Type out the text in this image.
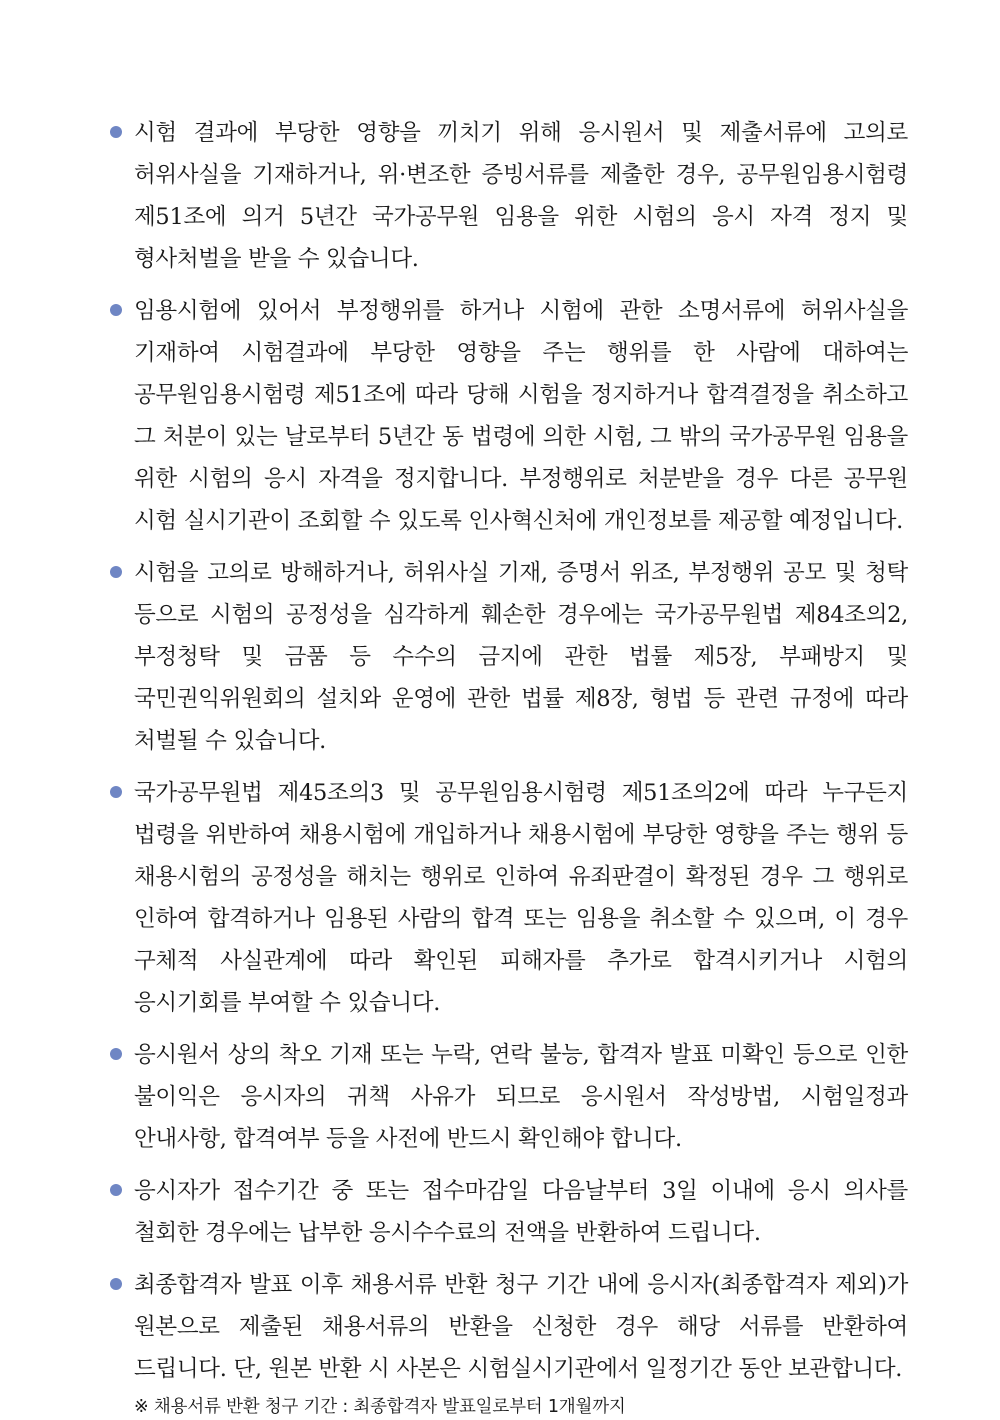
시험 결과에 부당한 영향을 끼치기 위해 응시원서 및 제출서류에 고의로 허위사실을 기재하거나, 위·변조한 증빙서류를 제출한 경우, 공무원임용시험령 제51조에 의거 5년간 국가공무원 임용을 위한 시험의 응시 자격 정지 및 형사처벌을 받을 수 있습니다.
임용시험에 있어서 부정행위를 하거나 시험에 관한 소명서류에 허위사실을 기재하여 시험결과에 부당한 영향을 주는 행위를 한 사람에 대하여는 공무원임용시험령 제51조에 따라 당해 시험을 정지하거나 합격결정을 취소하고 그 처분이 있는 날로부터 5년간 동 법령에 의한 시험, 그 밖의 국가공무원 임용을 위한 시험의 응시 자격을 정지합니다. 부정행위로 처분받을 경우 다른 공무원 시험 실시기관이 조회할 수 있도록 인사혁신처에 개인정보를 제공할 예정입니다.
시험을 고의로 방해하거나, 허위사실 기재, 증명서 위조, 부정행위 공모 및 청탁 등으로 시험의 공정성을 심각하게 훼손한 경우에는 국가공무원법 제84조의2, 부정청탁 및 금품 등 수수의 금지에 관한 법률 제5장, 부패방지 및 국민권익위원회의 설치와 운영에 관한 법률 제8장, 형법 등 관련 규정에 따라 처벌될 수 있습니다.
국가공무원법 제45조의3 및 공무원임용시험령 제51조의2에 따라 누구든지 법령을 위반하여 채용시험에 개입하거나 채용시험에 부당한 영향을 주는 행위 등 채용시험의 공정성을 해치는 행위로 인하여 유죄판결이 확정된 경우 그 행위로 인하여 합격하거나 임용된 사람의 합격 또는 임용을 취소할 수 있으며, 이 경우 구체적 사실관계에 따라 확인된 피해자를 추가로 합격시키거나 시험의 응시기회를 부여할 수 있습니다.
응시원서 상의 착오 기재 또는 누락, 연락 불능, 합격자 발표 미확인 등으로 인한 불이익은 응시자의 귀책 사유가 되므로 응시원서 작성방법, 시험일정과 안내사항, 합격여부 등을 사전에 반드시 확인해야 합니다.
응시자가 접수기간 중 또는 접수마감일 다음날부터 3일 이내에 응시 의사를 철회한 경우에는 납부한 응시수수료의 전액을 반환하여 드립니다.
최종합격자 발표 이후 채용서류 반환 청구 기간 내에 응시자(최종합격자 제외)가 원본으로 제출된 채용서류의 반환을 신청한 경우 해당 서류를 반환하여 드립니다. 단, 원본 반환 시 사본은 시험실시기관에서 일정기간 동안 보관합니다.
※ 채용서류 반환 청구 기간 : 최종합격자 발표일로부터 1개월까지
